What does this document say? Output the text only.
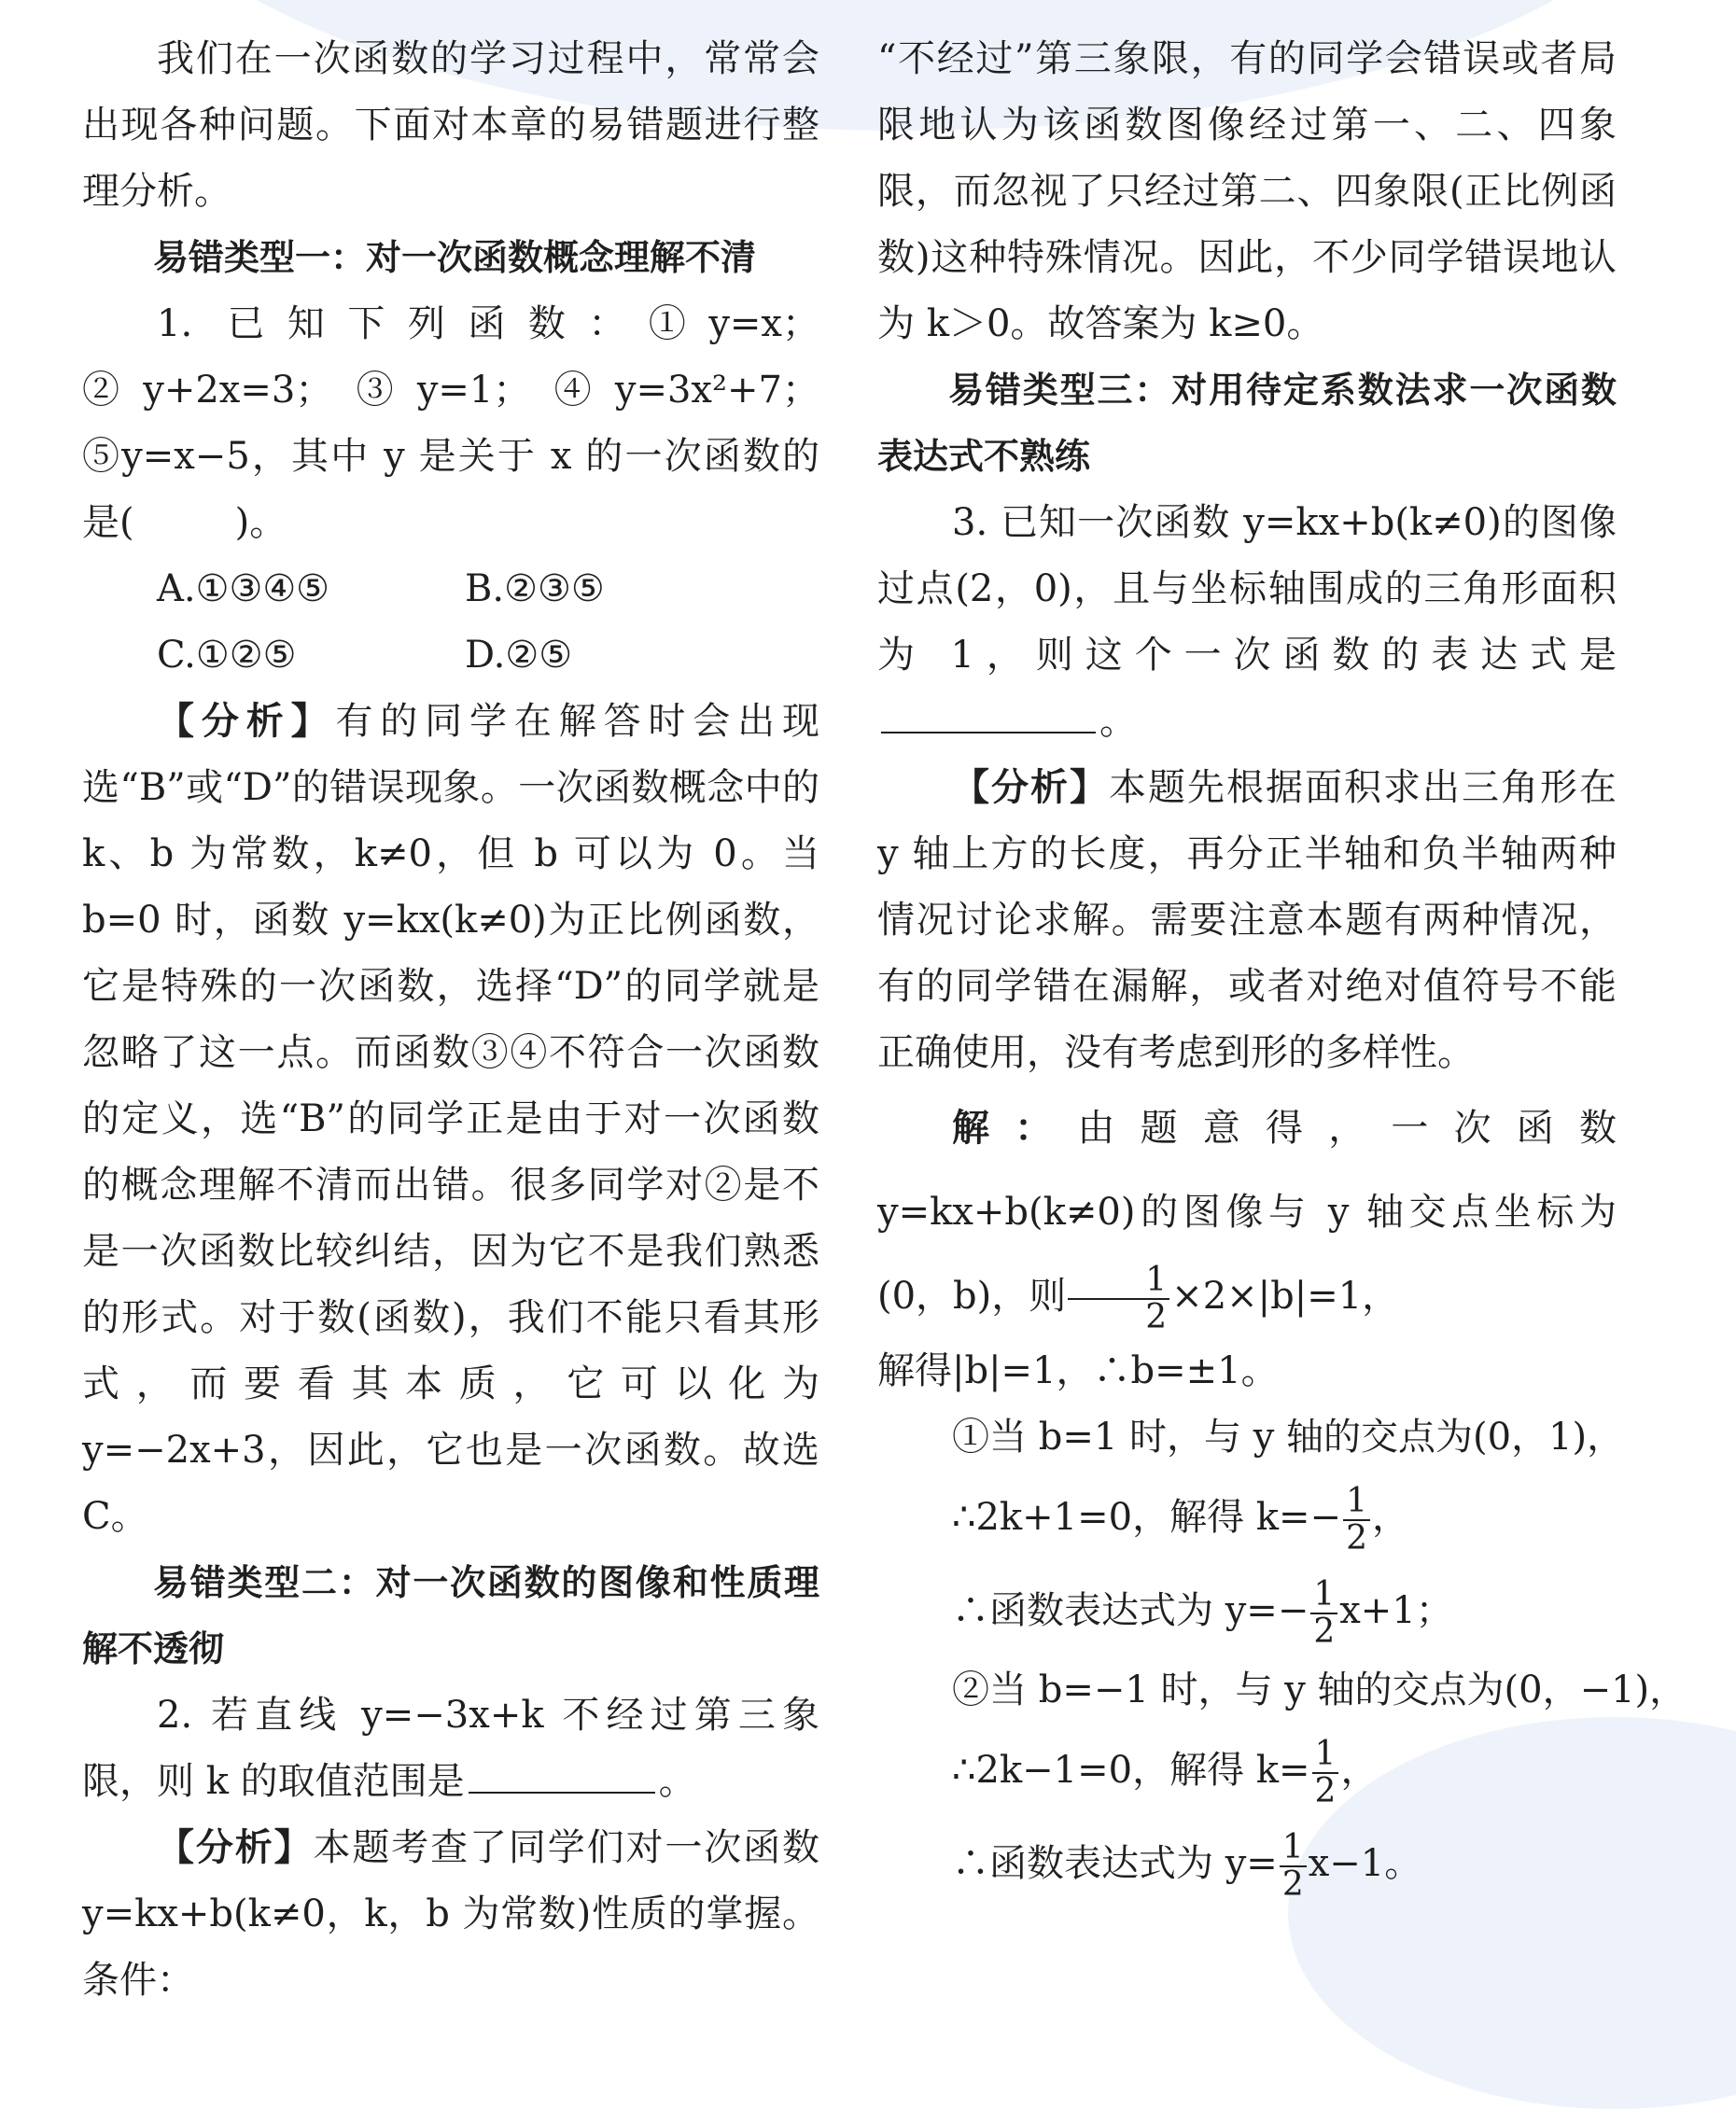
我们在一次函数的学习过程中，常常会出现各种问题。下面对本章的易错题进行整理分析。

易错类型一：对一次函数概念理解不清

1. 已知下列函数：①y=x；②y+2x=3；③y=1；④y=3x²+7；⑤y=x−5，其中 y 是关于 x 的一次函数的是(	)。

A.①③④⑤	B.②③⑤
C.①②⑤	D.②⑤

【分析】有的同学在解答时会出现选“B”或“D”的错误现象。一次函数概念中的 k、b 为常数，k≠0，但 b 可以为 0。当 b=0 时，函数 y=kx(k≠0)为正比例函数，它是特殊的一次函数，选择“D”的同学就是忽略了这一点。而函数③④不符合一次函数的定义，选“B”的同学正是由于对一次函数的概念理解不清而出错。很多同学对②是不是一次函数比较纠结，因为它不是我们熟悉的形式。对于数(函数)，我们不能只看其形式，而要看其本质，它可以化为 y=−2x+3，因此，它也是一次函数。故选 C。

易错类型二：对一次函数的图像和性质理解不透彻

2. 若直线 y=−3x+k 不经过第三象限，则 k 的取值范围是	。

【分析】本题考查了同学们对一次函数 y=kx+b(k≠0，k，b 为常数)性质的掌握。条件：

“不经过”第三象限，有的同学会错误或者局限地认为该函数图像经过第一、二、四象限，而忽视了只经过第二、四象限(正比例函数)这种特殊情况。因此，不少同学错误地认为 k＞0。故答案为 k≥0。

易错类型三：对用待定系数法求一次函数表达式不熟练

3. 已知一次函数 y=kx+b(k≠0)的图像过点(2，0)，且与坐标轴围成的三角形面积为 1，则这个一次函数的表达式是。

【分析】本题先根据面积求出三角形在 y 轴上方的长度，再分正半轴和负半轴两种情况讨论求解。需要注意本题有两种情况，有的同学错在漏解，或者对绝对值符号不能正确使用，没有考虑到形的多样性。

解：由题意得，一次函数 y=kx+b(k≠0)的图像与 y 轴交点坐标为(0，b)，则 $\frac{1}{2} \times 2\times|b|=1$，

解得|b|=1，∴b=±1。

①当 b=1 时，与 y 轴的交点为(0，1)，

∴2k+1=0，解得 $k=- \frac{1}{2}$ ，

∴函数表达式为 $y=- \frac{1}{2} x+1$；

②当 b=−1 时，与 y 轴的交点为(0，−1)，

∴2k−1=0，解得 $k= \frac{1}{2}$ ，

∴函数表达式为 $y= \frac{1}{2} x-1$。
